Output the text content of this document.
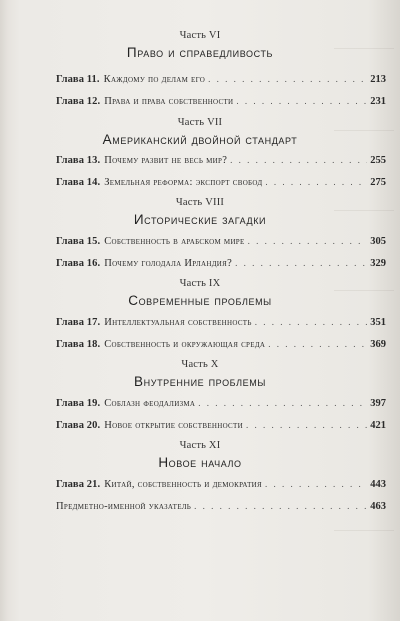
Часть VI
Право и справедливость
Глава 11. Каждому по делам его . . .	213
Глава 12. Права и права собственности . . .	231
Часть VII
Американский двойной стандарт
Глава 13. Почему развит не весь мир? . . .	255
Глава 14. Земельная реформа: экспорт свобод . . .	275
Часть VIII
Исторические загадки
Глава 15. Собственность в арабском мире . . .	305
Глава 16. Почему голодала Ирландия? . . .	329
Часть IX
Современные проблемы
Глава 17. Интеллектуальная собственность . . .	351
Глава 18. Собственность и окружающая среда . . .	369
Часть X
Внутренние проблемы
Глава 19. Соблазн феодализма . . .	397
Глава 20. Новое открытие собственности . . .	421
Часть XI
Новое начало
Глава 21. Китай, собственность и демократия . . .	443
Предметно-именной указатель . . .	463
